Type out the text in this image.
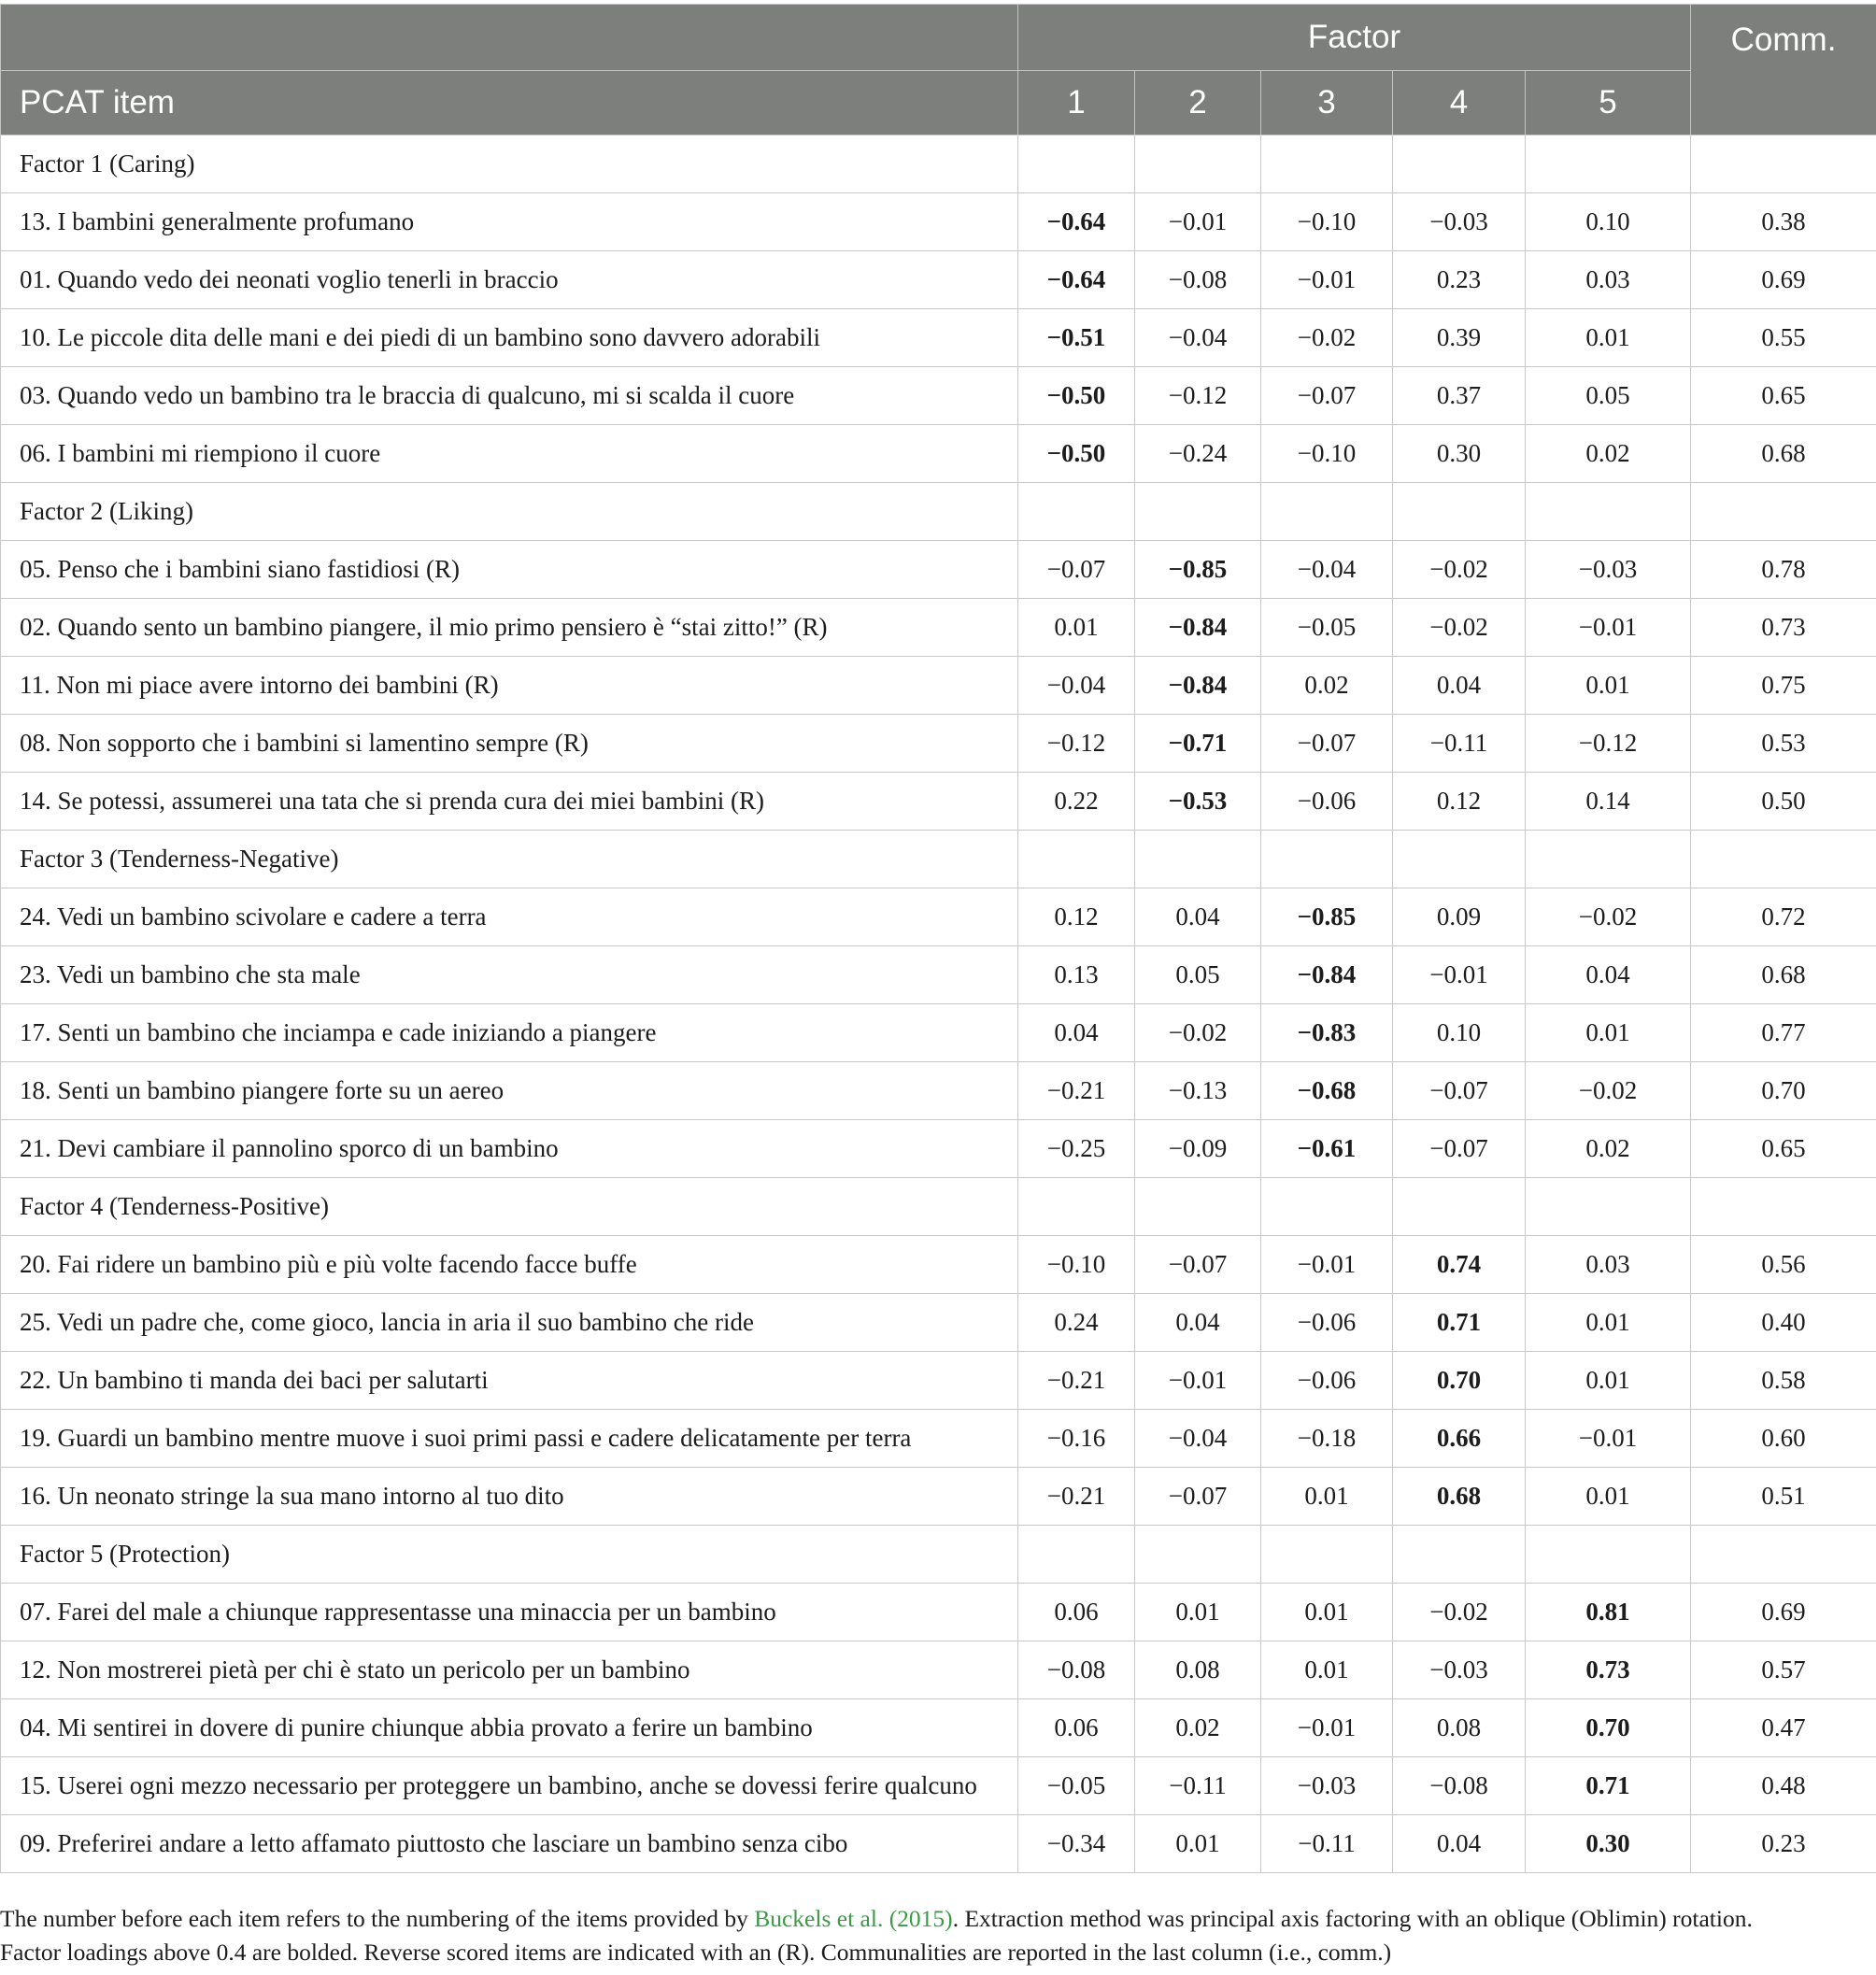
	Factor					Comm.
PCAT item	1	2	3	4	5	
Factor 1 (Caring)						
13. I bambini generalmente profumano	−0.64	−0.01	−0.10	−0.03	0.10	0.38
01. Quando vedo dei neonati voglio tenerli in braccio	−0.64	−0.08	−0.01	0.23	0.03	0.69
10. Le piccole dita delle mani e dei piedi di un bambino sono davvero adorabili	−0.51	−0.04	−0.02	0.39	0.01	0.55
03. Quando vedo un bambino tra le braccia di qualcuno, mi si scalda il cuore	−0.50	−0.12	−0.07	0.37	0.05	0.65
06. I bambini mi riempiono il cuore	−0.50	−0.24	−0.10	0.30	0.02	0.68
Factor 2 (Liking)						
05. Penso che i bambini siano fastidiosi (R)	−0.07	−0.85	−0.04	−0.02	−0.03	0.78
02. Quando sento un bambino piangere, il mio primo pensiero è “stai zitto!” (R)	0.01	−0.84	−0.05	−0.02	−0.01	0.73
11. Non mi piace avere intorno dei bambini (R)	−0.04	−0.84	0.02	0.04	0.01	0.75
08. Non sopporto che i bambini si lamentino sempre (R)	−0.12	−0.71	−0.07	−0.11	−0.12	0.53
14. Se potessi, assumerei una tata che si prenda cura dei miei bambini (R)	0.22	−0.53	−0.06	0.12	0.14	0.50
Factor 3 (Tenderness-Negative)						
24. Vedi un bambino scivolare e cadere a terra	0.12	0.04	−0.85	0.09	−0.02	0.72
23. Vedi un bambino che sta male	0.13	0.05	−0.84	−0.01	0.04	0.68
17. Senti un bambino che inciampa e cade iniziando a piangere	0.04	−0.02	−0.83	0.10	0.01	0.77
18. Senti un bambino piangere forte su un aereo	−0.21	−0.13	−0.68	−0.07	−0.02	0.70
21. Devi cambiare il pannolino sporco di un bambino	−0.25	−0.09	−0.61	−0.07	0.02	0.65
Factor 4 (Tenderness-Positive)						
20. Fai ridere un bambino più e più volte facendo facce buffe	−0.10	−0.07	−0.01	0.74	0.03	0.56
25. Vedi un padre che, come gioco, lancia in aria il suo bambino che ride	0.24	0.04	−0.06	0.71	0.01	0.40
22. Un bambino ti manda dei baci per salutarti	−0.21	−0.01	−0.06	0.70	0.01	0.58
19. Guardi un bambino mentre muove i suoi primi passi e cadere delicatamente per terra	−0.16	−0.04	−0.18	0.66	−0.01	0.60
16. Un neonato stringe la sua mano intorno al tuo dito	−0.21	−0.07	0.01	0.68	0.01	0.51
Factor 5 (Protection)						
07. Farei del male a chiunque rappresentasse una minaccia per un bambino	0.06	0.01	0.01	−0.02	0.81	0.69
12. Non mostrerei pietà per chi è stato un pericolo per un bambino	−0.08	0.08	0.01	−0.03	0.73	0.57
04. Mi sentirei in dovere di punire chiunque abbia provato a ferire un bambino	0.06	0.02	−0.01	0.08	0.70	0.47
15. Userei ogni mezzo necessario per proteggere un bambino, anche se dovessi ferire qualcuno	−0.05	−0.11	−0.03	−0.08	0.71	0.48
09. Preferirei andare a letto affamato piuttosto che lasciare un bambino senza cibo	−0.34	0.01	−0.11	0.04	0.30	0.23
The number before each item refers to the numbering of the items provided by Buckels et al. (2015). Extraction method was principal axis factoring with an oblique (Oblimin) rotation.
Factor loadings above 0.4 are bolded. Reverse scored items are indicated with an (R). Communalities are reported in the last column (i.e., comm.)
